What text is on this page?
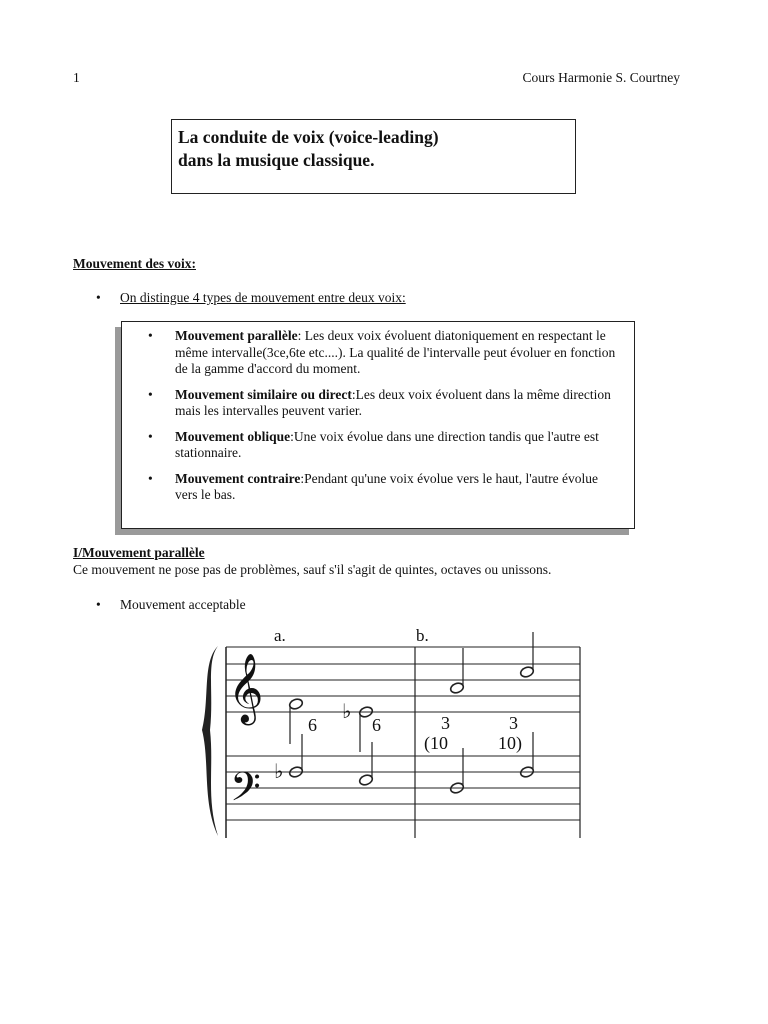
1	Cours Harmonie S. Courtney
La conduite de voix (voice-leading)
dans la musique classique.
Mouvement des voix:
•	On distingue 4 types de mouvement entre deux voix:
•	Mouvement parallèle: Les deux voix évoluent diatoniquement en respectant le même intervalle(3ce,6te etc....). La qualité de l'intervalle peut évoluer en fonction de la gamme d'accord du moment.
•	Mouvement similaire ou direct:Les deux voix évoluent dans la même direction mais les intervalles peuvent varier.
•	Mouvement oblique:Une voix évolue dans une direction tandis que l'autre est stationnaire.
•	Mouvement contraire:Pendant qu'une voix évolue vers le haut, l'autre évolue vers le bas.
I/Mouvement parallèle
Ce mouvement ne pose pas de problèmes, sauf s'il s'agit de quintes, octaves ou unissons.
•	Mouvement acceptable
𝄞
𝄢
a.	b.
♭
♭
6	6	3
(10
3
10)
